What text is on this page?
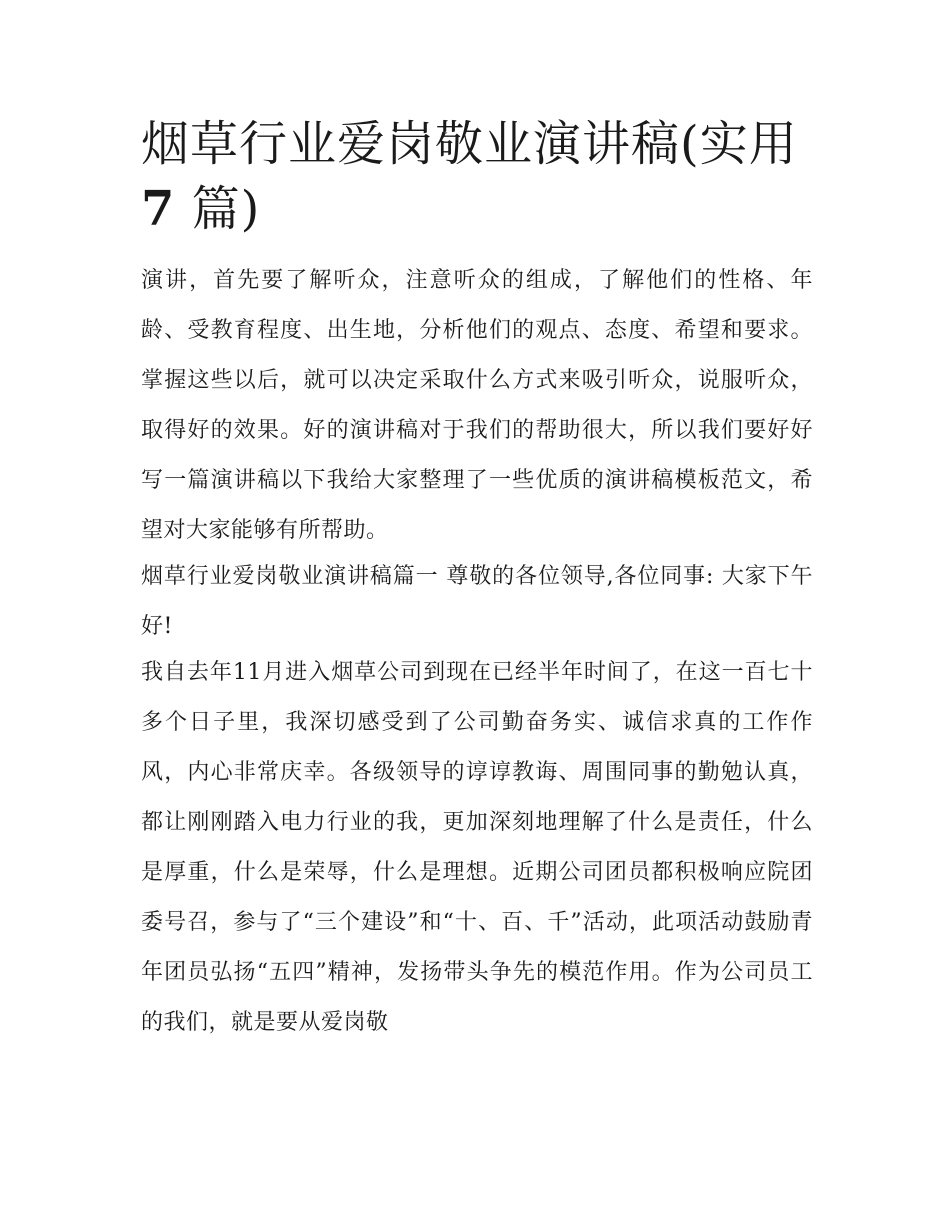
烟草行业爱岗敬业演讲稿(实用
7 篇)

演讲，首先要了解听众，注意听众的组成，了解他们的性格、年龄、受教育程度、出生地，分析他们的观点、态度、希望和要求。掌握这些以后，就可以决定采取什么方式来吸引听众，说服听众，取得好的效果。好的演讲稿对于我们的帮助很大，所以我们要好好写一篇演讲稿以下我给大家整理了一些优质的演讲稿模板范文，希望对大家能够有所帮助。

烟草行业爱岗敬业演讲稿篇一 尊敬的各位领导,各位同事: 大家下午好!

我自去年11月进入烟草公司到现在已经半年时间了，在这一百七十多个日子里，我深切感受到了公司勤奋务实、诚信求真的工作作风，内心非常庆幸。各级领导的谆谆教诲、周围同事的勤勉认真，都让刚刚踏入电力行业的我，更加深刻地理解了什么是责任，什么是厚重，什么是荣辱，什么是理想。近期公司团员都积极响应院团委号召，参与了“三个建设”和“十、百、千”活动，此项活动鼓励青年团员弘扬“五四”精神，发扬带头争先的模范作用。作为公司员工的我们，就是要从爱岗敬
